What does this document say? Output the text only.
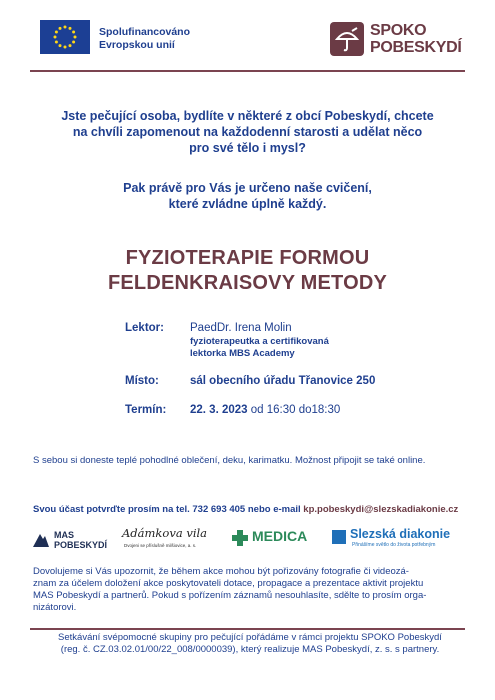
Spolufinancováno
Evropskou unií
SPOKO
POBESKYDÍ
Jste pečující osoba, bydlíte v některé z obcí Pobeskydí, chcete
na chvíli zapomenout na každodenní starosti a udělat něco
pro své tělo i mysl?
Pak právě pro Vás je určeno naše cvičení,
které zvládne úplně každý.
FYZIOTERAPIE FORMOU
FELDENKRAISOVY METODY
Lektor: PaedDr. Irena Molin
fyzioterapeutka a certifikovaná
lektorka MBS Academy
Místo:	sál obecního úřadu Třanovice 250
Termín: 22. 3. 2023 od 16:30 do18:30
S sebou si doneste teplé pohodlné oblečení, deku, karimatku. Možnost připojit se také online.
Svou účast potvrďte prosím na tel. 732 693 405 nebo e-mail kp.pobeskydi@slezskadiakonie.cz
MAS
POBESKYDÍ
Adámkova vila
Dvojeni se příslušně milšiovice, a. s.
MEDICA	Slezská diakonie
Přinášíme světlo do života potřebným
Dovolujeme si Vás upozornit, že během akce mohou být pořizovány fotografie či videozá-
znam za účelem doložení akce poskytovateli dotace, propagace a prezentace aktivit projektu
MAS Pobeskydí a partnerů. Pokud s pořízením záznamů nesouhlasíte, sdělte to prosím orga-
nizátorovi.
Setkávání svépomocné skupiny pro pečující pořádáme v rámci projektu SPOKO Pobeskydí
(reg. č. CZ.03.02.01/00/22_008/0000039), který realizuje MAS Pobeskydí, z. s. s partnery.
